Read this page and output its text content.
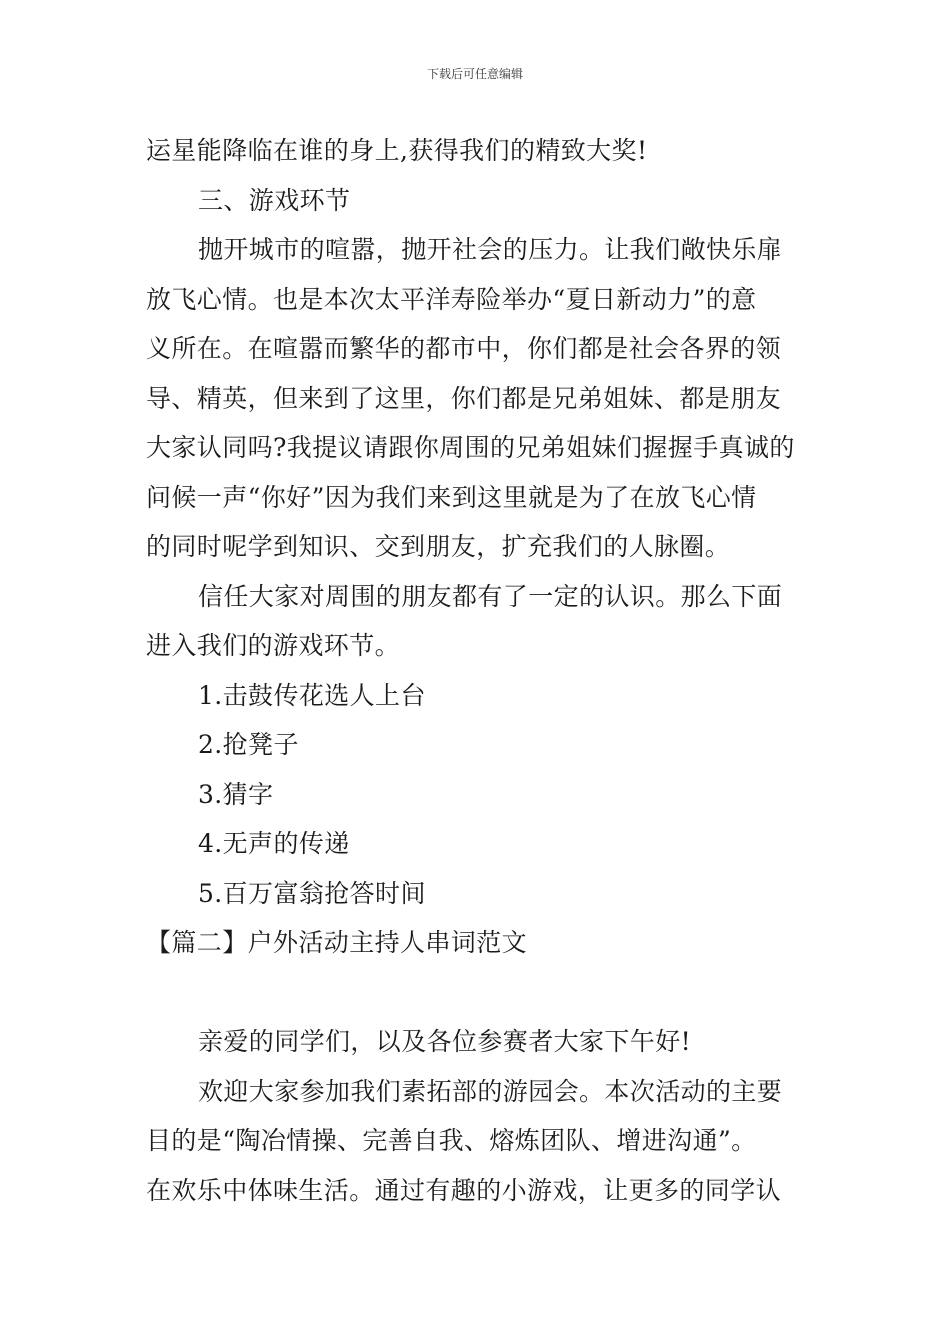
下载后可任意编辑
运星能降临在谁的身上,获得我们的精致大奖!
三、游戏环节
抛开城市的喧嚣，抛开社会的压力。让我们敞快乐扉
放飞心情。也是本次太平洋寿险举办“夏日新动力”的意
义所在。在喧嚣而繁华的都市中，你们都是社会各界的领
导、精英，但来到了这里，你们都是兄弟姐妹、都是朋友
大家认同吗?我提议请跟你周围的兄弟姐妹们握握手真诚的
问候一声“你好”因为我们来到这里就是为了在放飞心情
的同时呢学到知识、交到朋友，扩充我们的人脉圈。
信任大家对周围的朋友都有了一定的认识。那么下面
进入我们的游戏环节。
1.击鼓传花选人上台
2.抢凳子
3.猜字
4.无声的传递
5.百万富翁抢答时间
【篇二】户外活动主持人串词范文
亲爱的同学们，以及各位参赛者大家下午好!
欢迎大家参加我们素拓部的游园会。本次活动的主要
目的是“陶冶情操、完善自我、熔炼团队、增进沟通”。
在欢乐中体味生活。通过有趣的小游戏，让更多的同学认
